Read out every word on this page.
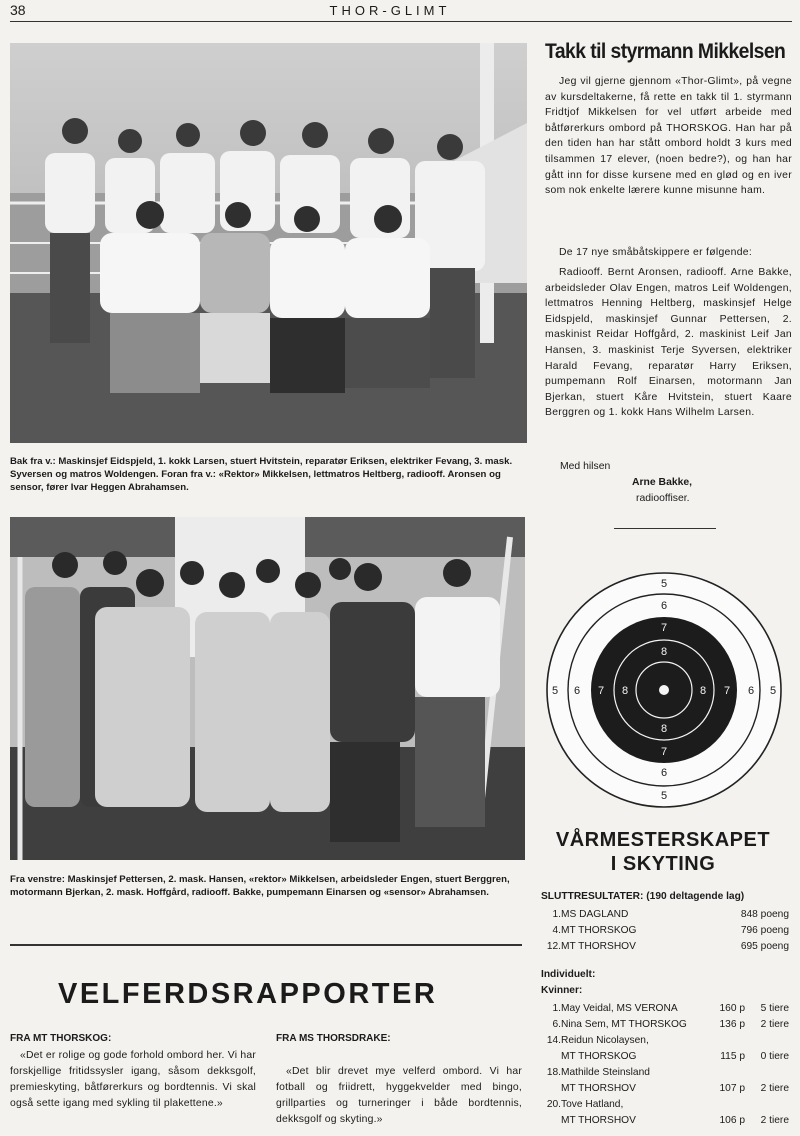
38	THOR-GLIMT
Bak fra v.: Maskinsjef Eidspjeld, 1. kokk Larsen, stuert Hvitstein, reparatør Eriksen, elektriker Fevang, 3. mask. Syversen og matros Woldengen. Foran fra v.: «Rektor» Mikkelsen, lettmatros Heltberg, radiooff. Aronsen og sensor, fører Ivar Heggen Abrahamsen.
Fra venstre: Maskinsjef Pettersen, 2. mask. Hansen, «rektor» Mikkelsen, arbeidsleder Engen, stuert Berggren, motormann Bjerkan, 2. mask. Hoffgård, radiooff. Bakke, pumpemann Einarsen og «sensor» Abrahamsen.
Takk til styrmann Mikkelsen
Jeg vil gjerne gjennom «Thor-Glimt», på vegne av kursdeltakerne, få rette en takk til 1. styrmann Fridtjof Mikkelsen for vel utført arbeide med båtførerkurs ombord på THORSKOG. Han har på den tiden han har stått ombord holdt 3 kurs med tilsammen 17 elever, (noen bedre?), og han har gått inn for disse kursene med en glød og en iver som nok enkelte lærere kunne misunne ham.
De 17 nye småbåtskippere er følgende:
Radiooff. Bernt Aronsen, radiooff. Arne Bakke, arbeidsleder Olav Engen, matros Leif Woldengen, lettmatros Henning Heltberg, maskinsjef Helge Eidspjeld, maskinsjef Gunnar Pettersen, 2. maskinist Reidar Hoffgård, 2. maskinist Leif Jan Hansen, 3. maskinist Terje Syversen, elektriker Harald Fevang, reparatør Harry Eriksen, pumpemann Rolf Einarsen, motormann Jan Bjerkan, stuert Kåre Hvitstein, stuert Kaare Berggren og 1. kokk Hans Wilhelm Larsen.
Med hilsen
Arne Bakke,
radiooffiser.
5
6
7
8
8
7
6
5
5 6 7 8	8 7 6 5
VÅRMESTERSKAPET
I SKYTING
SLUTTRESULTATER: (190 deltagende lag)
1. MS DAGLAND	848 poeng
4. MT THORSKOG	796 poeng
12. MT THORSHOV	695 poeng
Individuelt:
Kvinner:
1. May Veidal, MS VERONA	160 p 5 tiere
6. Nina Sem, MT THORSKOG	136 p 2 tiere
14. Reidun Nicolaysen,
MT THORSKOG	115 p 0 tiere
18. Mathilde Steinsland
MT THORSHOV	107 p 2 tiere
20. Tove Hatland,
MT THORSHOV	106 p 2 tiere
VELFERDSRAPPORTER
FRA MT THORSKOG:
«Det er rolige og gode forhold ombord her. Vi har forskjellige fritidssysler igang, såsom dekksgolf, premieskyting, båtførerkurs og bordtennis. Vi skal også sette igang med sykling til plakettene.»
FRA MS THORSDRAKE:
«Det blir drevet mye velferd ombord. Vi har fotball og friidrett, hyggekvelder med bingo, grillparties og turneringer i både bordtennis, dekksgolf og skyting.»
